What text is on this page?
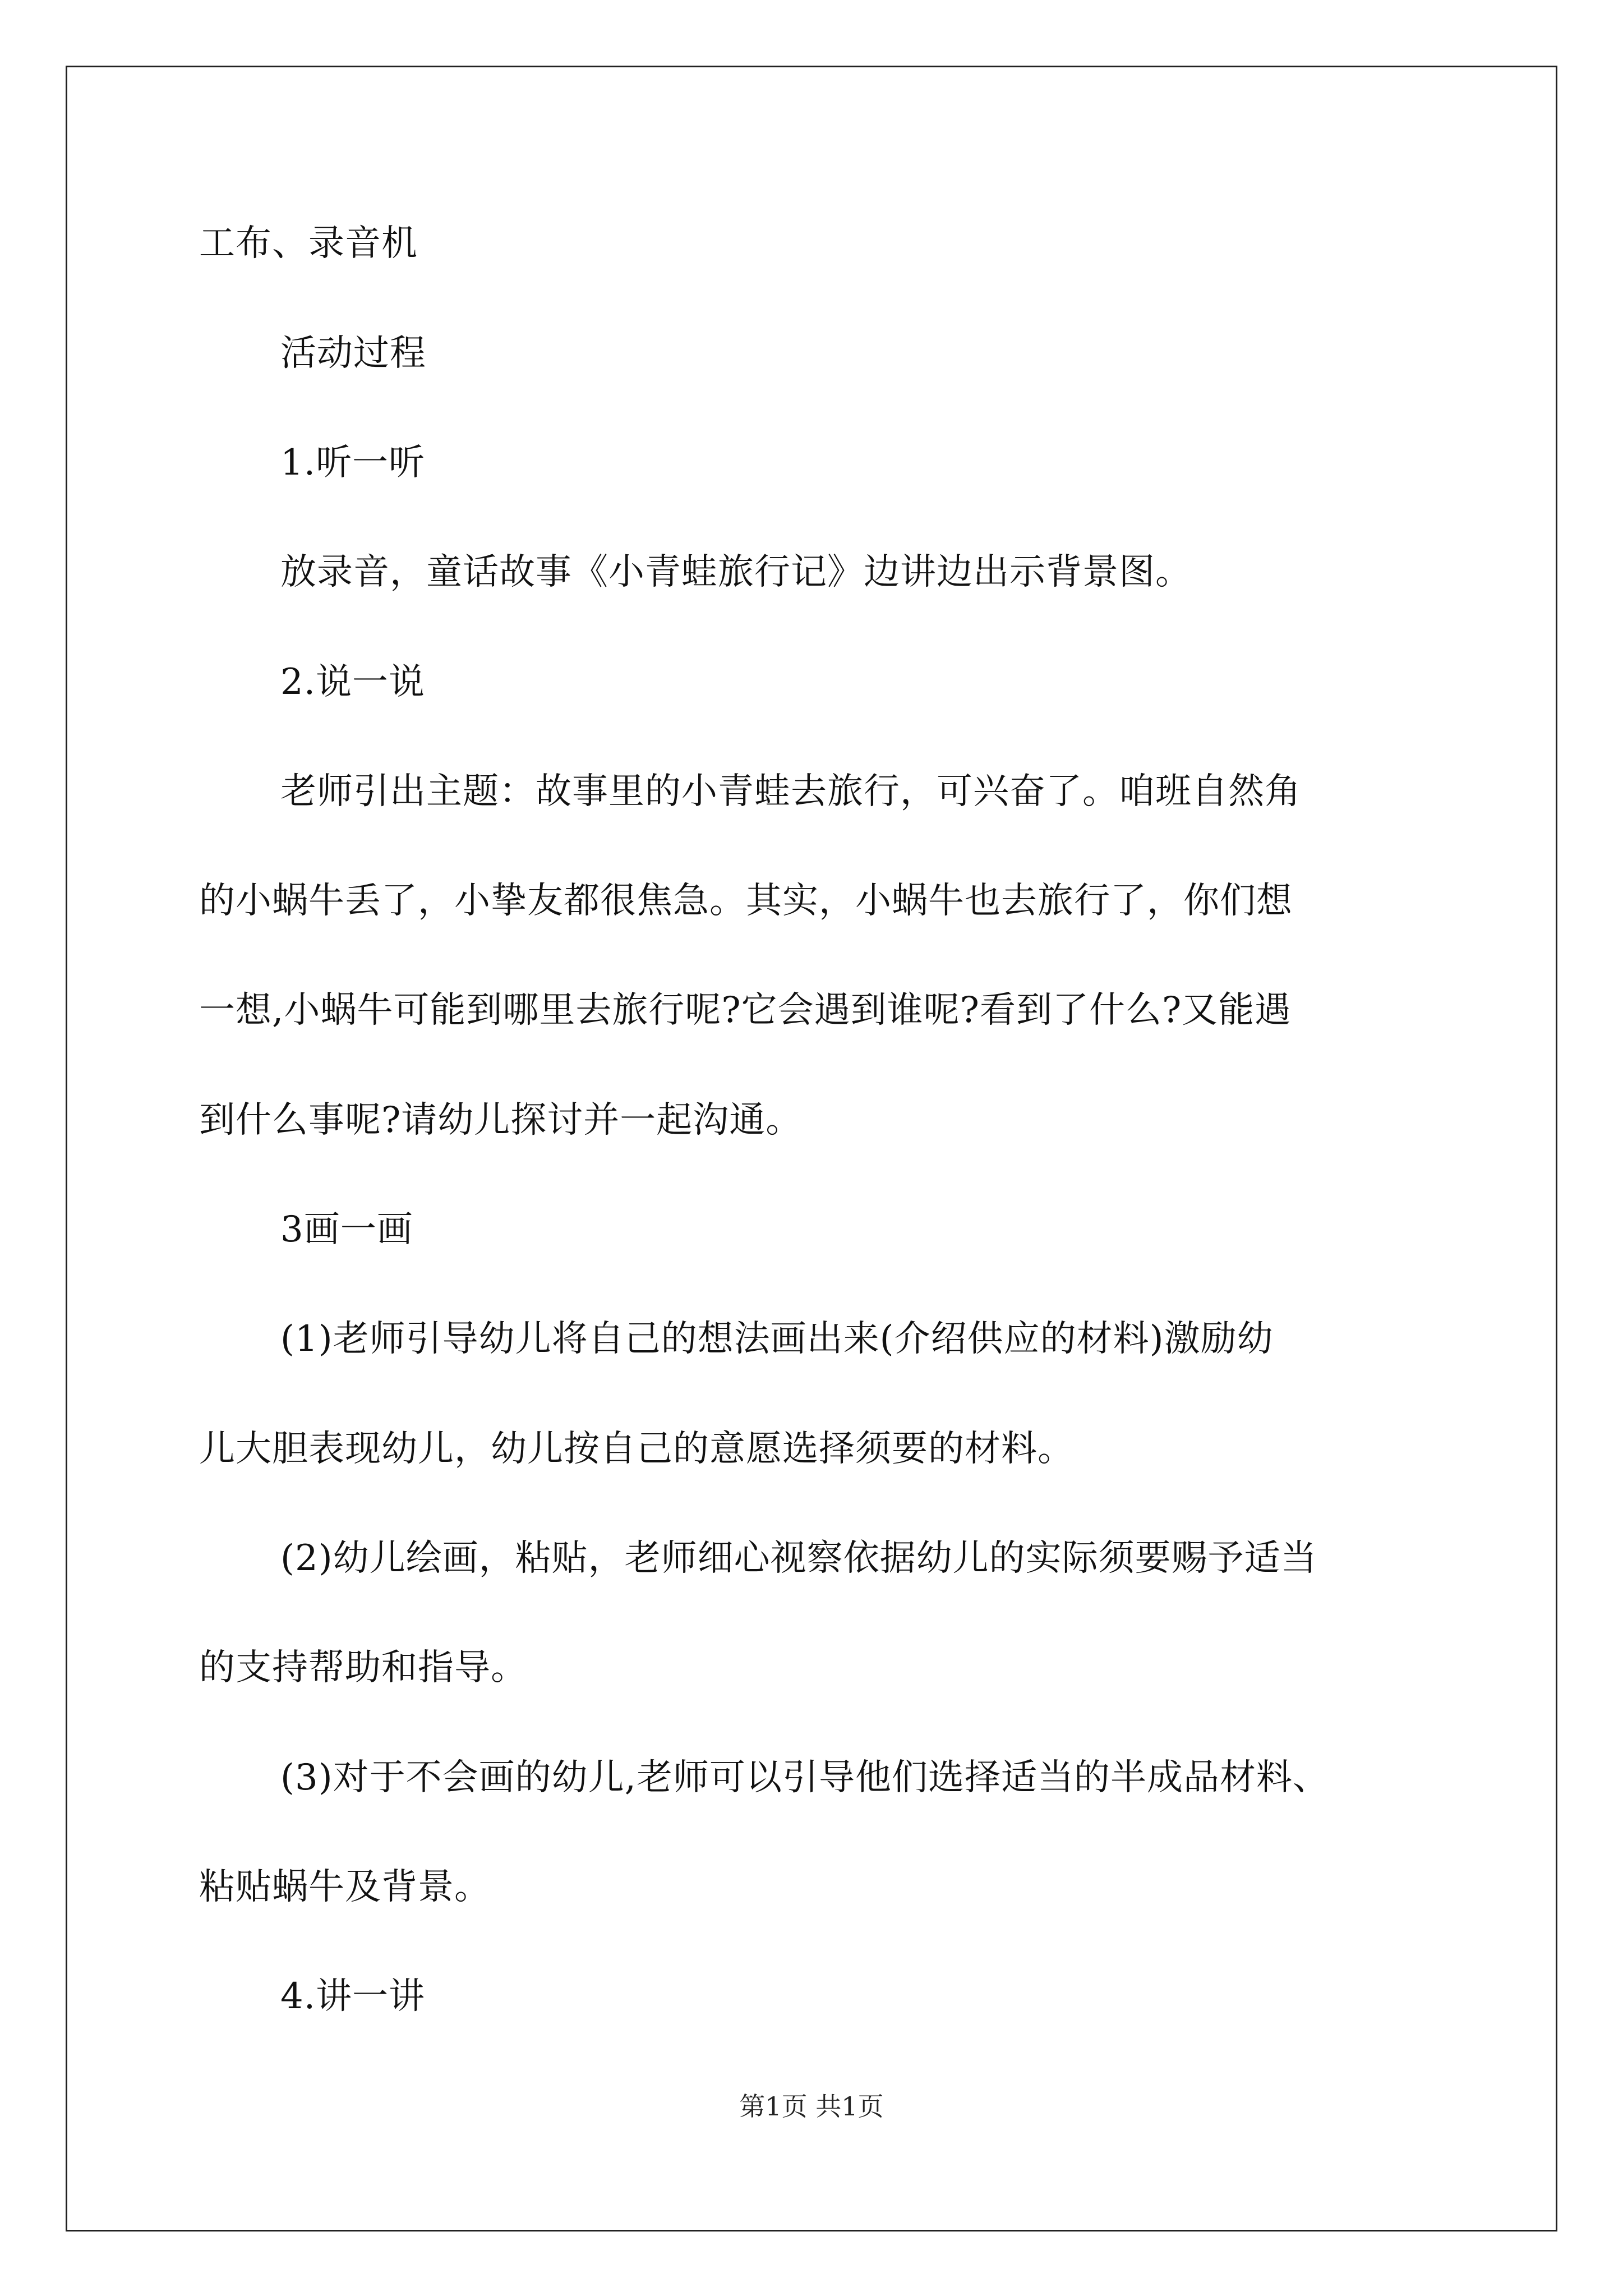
工布、录音机
活动过程
1.听一听
放录音，童话故事《小青蛙旅行记》边讲边出示背景图。
2.说一说
老师引出主题：故事里的小青蛙去旅行，可兴奋了。咱班自然角
的小蜗牛丢了，小挚友都很焦急。其实，小蜗牛也去旅行了，你们想
一想,小蜗牛可能到哪里去旅行呢?它会遇到谁呢?看到了什么?又能遇
到什么事呢?请幼儿探讨并一起沟通。
3画一画
(1)老师引导幼儿将自己的想法画出来(介绍供应的材料)激励幼
儿大胆表现幼儿，幼儿按自己的意愿选择须要的材料。
(2)幼儿绘画，粘贴，老师细心视察依据幼儿的实际须要赐予适当
的支持帮助和指导。
(3)对于不会画的幼儿,老师可以引导他们选择适当的半成品材料、
粘贴蜗牛及背景。
4.讲一讲
第1页 共1页
